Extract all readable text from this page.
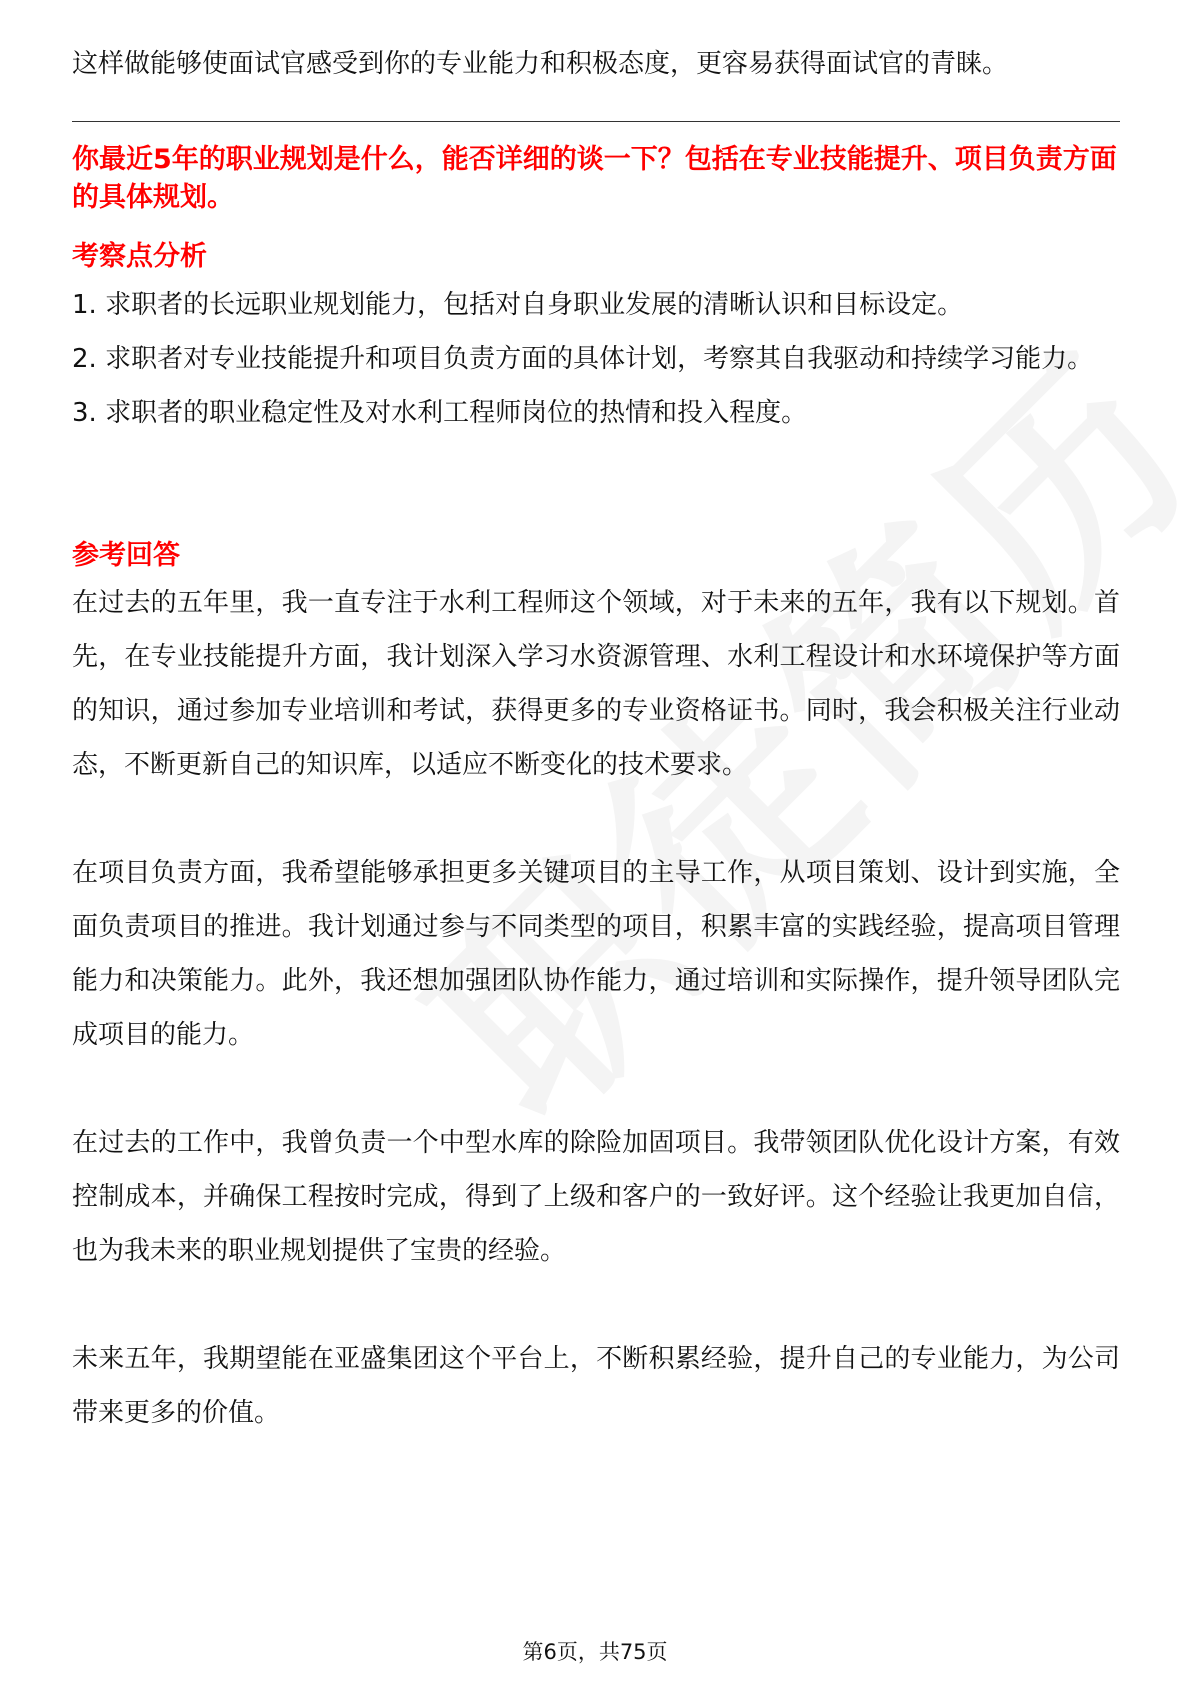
这样做能够使面试官感受到你的专业能力和积极态度，更容易获得面试官的青睐。

你最近5年的职业规划是什么，能否详细的谈一下？包括在专业技能提升、项目负责方面的具体规划。

考察点分析

1. 求职者的长远职业规划能力，包括对自身职业发展的清晰认识和目标设定。

2. 求职者对专业技能提升和项目负责方面的具体计划，考察其自我驱动和持续学习能力。

3. 求职者的职业稳定性及对水利工程师岗位的热情和投入程度。

参考回答

在过去的五年里，我一直专注于水利工程师这个领域，对于未来的五年，我有以下规划。首先，在专业技能提升方面，我计划深入学习水资源管理、水利工程设计和水环境保护等方面的知识，通过参加专业培训和考试，获得更多的专业资格证书。同时，我会积极关注行业动态，不断更新自己的知识库，以适应不断变化的技术要求。

在项目负责方面，我希望能够承担更多关键项目的主导工作，从项目策划、设计到实施，全面负责项目的推进。我计划通过参与不同类型的项目，积累丰富的实践经验，提高项目管理能力和决策能力。此外，我还想加强团队协作能力，通过培训和实际操作，提升领导团队完成项目的能力。

在过去的工作中，我曾负责一个中型水库的除险加固项目。我带领团队优化设计方案，有效控制成本，并确保工程按时完成，得到了上级和客户的一致好评。这个经验让我更加自信，也为我未来的职业规划提供了宝贵的经验。

未来五年，我期望能在亚盛集团这个平台上，不断积累经验，提升自己的专业能力，为公司带来更多的价值。

第6页，共75页
